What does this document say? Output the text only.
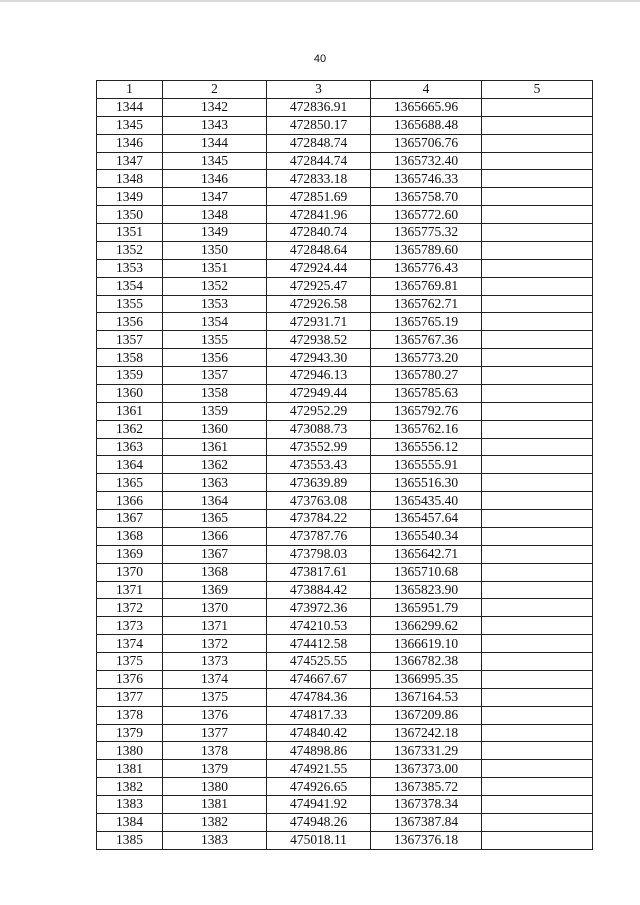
40
1	2	3	4	5
1344	1342	472836.91	1365665.96	
1345	1343	472850.17	1365688.48	
1346	1344	472848.74	1365706.76	
1347	1345	472844.74	1365732.40	
1348	1346	472833.18	1365746.33	
1349	1347	472851.69	1365758.70	
1350	1348	472841.96	1365772.60	
1351	1349	472840.74	1365775.32	
1352	1350	472848.64	1365789.60	
1353	1351	472924.44	1365776.43	
1354	1352	472925.47	1365769.81	
1355	1353	472926.58	1365762.71	
1356	1354	472931.71	1365765.19	
1357	1355	472938.52	1365767.36	
1358	1356	472943.30	1365773.20	
1359	1357	472946.13	1365780.27	
1360	1358	472949.44	1365785.63	
1361	1359	472952.29	1365792.76	
1362	1360	473088.73	1365762.16	
1363	1361	473552.99	1365556.12	
1364	1362	473553.43	1365555.91	
1365	1363	473639.89	1365516.30	
1366	1364	473763.08	1365435.40	
1367	1365	473784.22	1365457.64	
1368	1366	473787.76	1365540.34	
1369	1367	473798.03	1365642.71	
1370	1368	473817.61	1365710.68	
1371	1369	473884.42	1365823.90	
1372	1370	473972.36	1365951.79	
1373	1371	474210.53	1366299.62	
1374	1372	474412.58	1366619.10	
1375	1373	474525.55	1366782.38	
1376	1374	474667.67	1366995.35	
1377	1375	474784.36	1367164.53	
1378	1376	474817.33	1367209.86	
1379	1377	474840.42	1367242.18	
1380	1378	474898.86	1367331.29	
1381	1379	474921.55	1367373.00	
1382	1380	474926.65	1367385.72	
1383	1381	474941.92	1367378.34	
1384	1382	474948.26	1367387.84	
1385	1383	475018.11	1367376.18	
